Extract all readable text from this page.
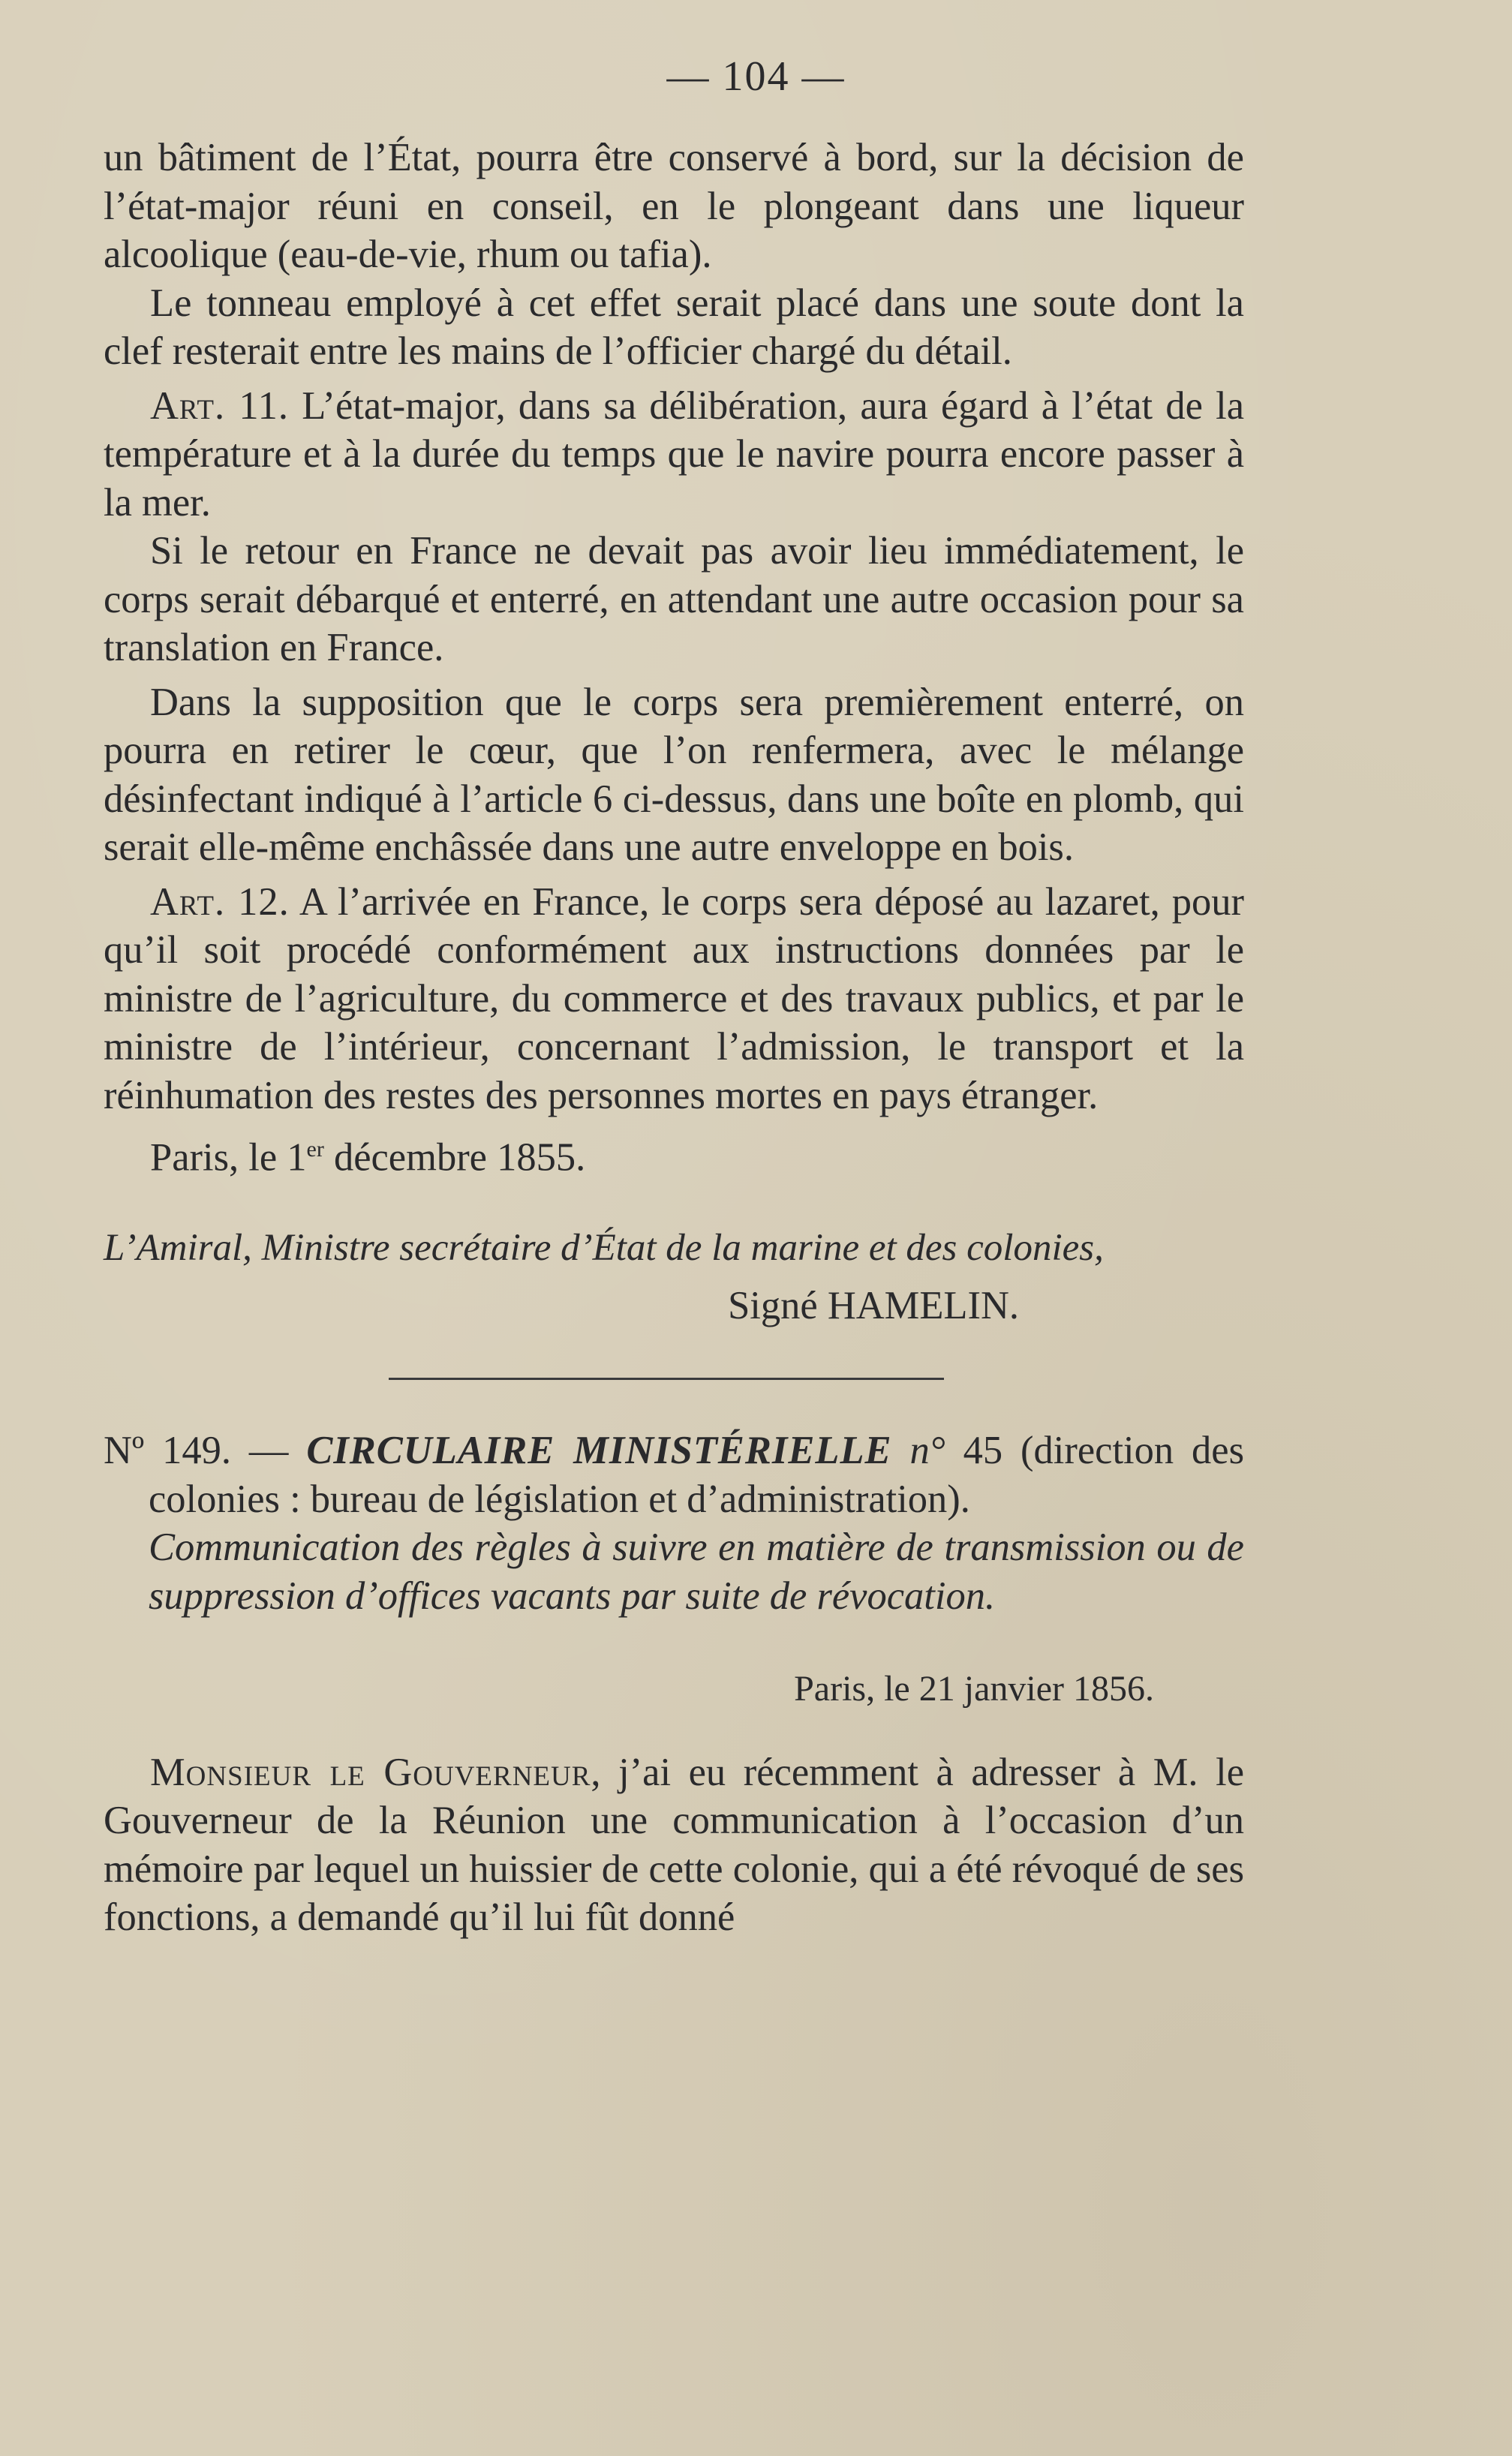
— 104 —

un bâtiment de l’État, pourra être conservé à bord, sur la décision de l’état-major réuni en conseil, en le plongeant dans une liqueur alcoolique (eau-de-vie, rhum ou tafia).

Le tonneau employé à cet effet serait placé dans une soute dont la clef resterait entre les mains de l’officier chargé du détail.

Art. 11. L’état-major, dans sa délibération, aura égard à l’état de la température et à la durée du temps que le navire pourra encore passer à la mer.

Si le retour en France ne devait pas avoir lieu immédiatement, le corps serait débarqué et enterré, en attendant une autre occasion pour sa translation en France.

Dans la supposition que le corps sera premièrement enterré, on pourra en retirer le cœur, que l’on renfermera, avec le mélange désinfectant indiqué à l’article 6 ci-dessus, dans une boîte en plomb, qui serait elle-même enchâssée dans une autre enveloppe en bois.

Art. 12. A l’arrivée en France, le corps sera déposé au lazaret, pour qu’il soit procédé conformément aux instructions données par le ministre de l’agriculture, du commerce et des travaux publics, et par le ministre de l’intérieur, concernant l’admission, le transport et la réinhumation des restes des personnes mortes en pays étranger.

Paris, le 1er décembre 1855.

L’Amiral, Ministre secrétaire d’État de la marine et des colonies,

Signé HAMELIN.

Nº 149. — CIRCULAIRE MINISTÉRIELLE n° 45 (direction des colonies : bureau de législation et d’administration).

Communication des règles à suivre en matière de transmission ou de suppression d’offices vacants par suite de révocation.

Paris, le 21 janvier 1856.

Monsieur le Gouverneur, j’ai eu récemment à adresser à M. le Gouverneur de la Réunion une communication à l’occasion d’un mémoire par lequel un huissier de cette colonie, qui a été révoqué de ses fonctions, a demandé qu’il lui fût donné
